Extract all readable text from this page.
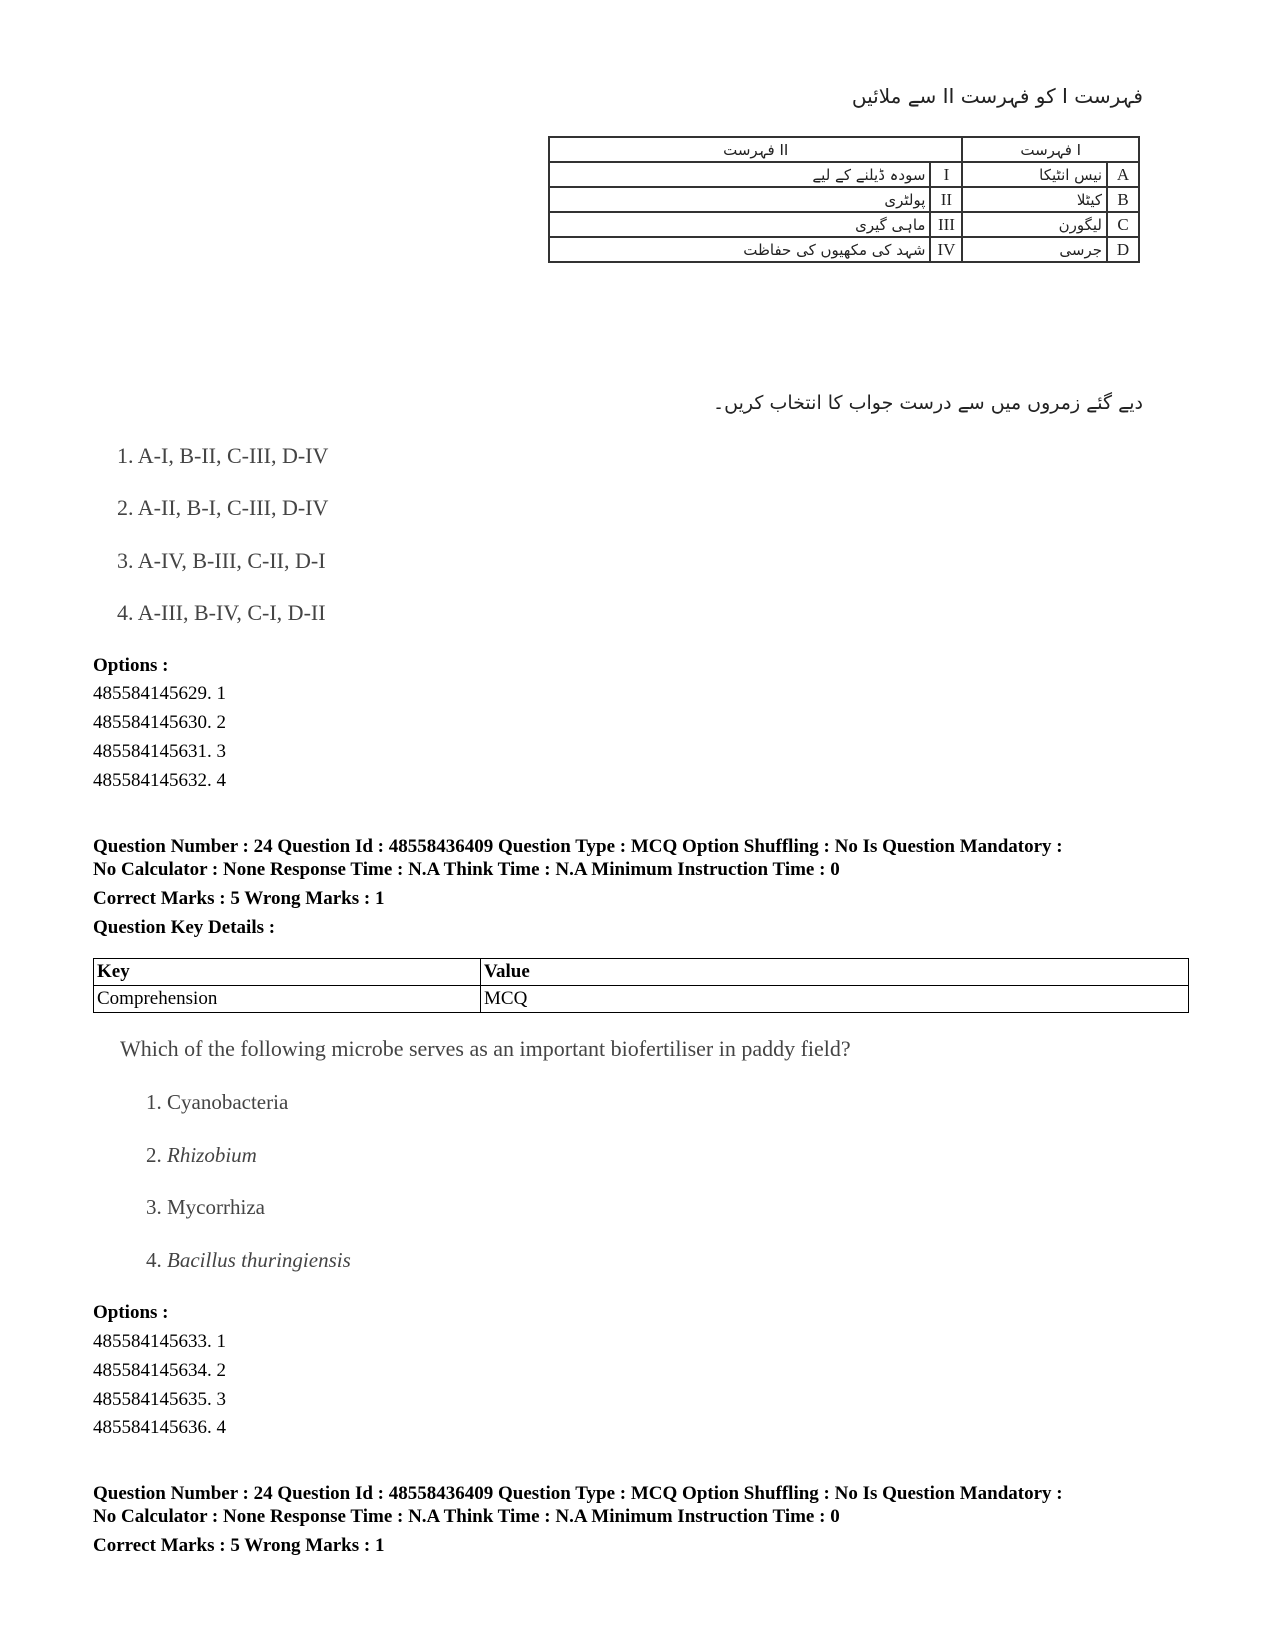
فہرست I کو فہرست II سے ملائیں
فہرست II		فہرست I	
سودہ ڈیلنے کے لیے	I	نیس انٹیکا	A
پولٹری	II	کیٹلا	B
ماہی گیری	III	لیگورن	C
شہد کی مکھیوں کی حفاظت	IV	جرسی	D
دیے گئے زمروں میں سے درست جواب کا انتخاب کریں۔
1. A-I, B-II, C-III, D-IV
2. A-II, B-I, C-III, D-IV
3. A-IV, B-III, C-II, D-I
4. A-III, B-IV, C-I, D-II
Options :
485584145629. 1
485584145630. 2
485584145631. 3
485584145632. 4
Question Number : 24 Question Id : 48558436409 Question Type : MCQ Option Shuffling : No Is Question Mandatory :
No Calculator : None Response Time : N.A Think Time : N.A Minimum Instruction Time : 0
Correct Marks : 5 Wrong Marks : 1
Question Key Details :
Key	Value
Comprehension	MCQ
Which of the following microbe serves as an important biofertiliser in paddy field?
1. Cyanobacteria
2. Rhizobium
3. Mycorrhiza
4. Bacillus thuringiensis
Options :
485584145633. 1
485584145634. 2
485584145635. 3
485584145636. 4
Question Number : 24 Question Id : 48558436409 Question Type : MCQ Option Shuffling : No Is Question Mandatory :
No Calculator : None Response Time : N.A Think Time : N.A Minimum Instruction Time : 0
Correct Marks : 5 Wrong Marks : 1
